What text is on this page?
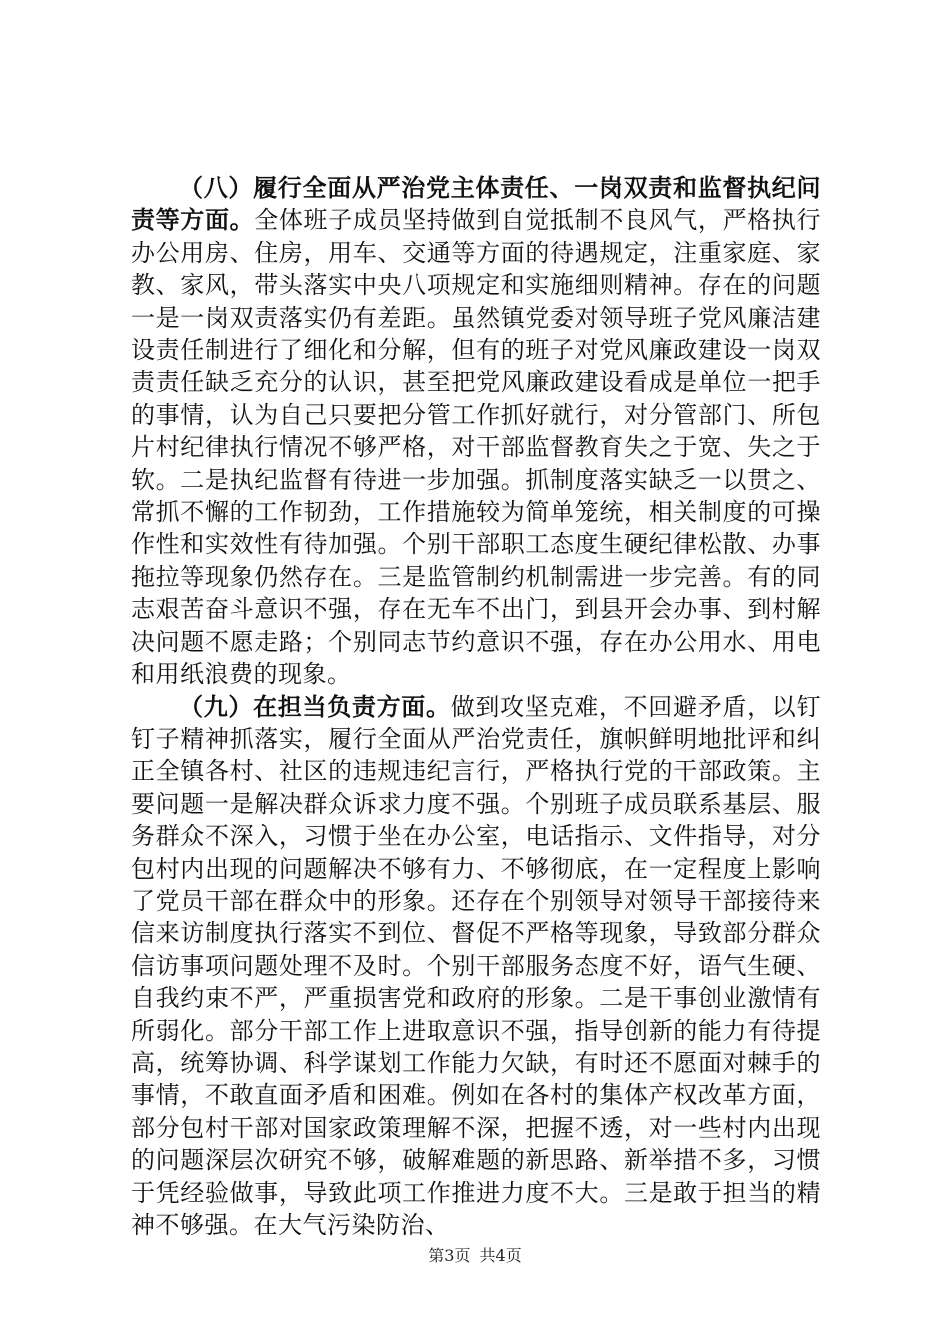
（八）履行全面从严治党主体责任、一岗双责和监督执纪问责等方面。全体班子成员坚持做到自觉抵制不良风气，严格执行办公用房、住房，用车、交通等方面的待遇规定，注重家庭、家教、家风，带头落实中央八项规定和实施细则精神。存在的问题一是一岗双责落实仍有差距。虽然镇党委对领导班子党风廉洁建设责任制进行了细化和分解，但有的班子对党风廉政建设一岗双责责任缺乏充分的认识，甚至把党风廉政建设看成是单位一把手的事情，认为自己只要把分管工作抓好就行，对分管部门、所包片村纪律执行情况不够严格，对干部监督教育失之于宽、失之于软。二是执纪监督有待进一步加强。抓制度落实缺乏一以贯之、常抓不懈的工作韧劲，工作措施较为简单笼统，相关制度的可操作性和实效性有待加强。个别干部职工态度生硬纪律松散、办事拖拉等现象仍然存在。三是监管制约机制需进一步完善。有的同志艰苦奋斗意识不强，存在无车不出门，到县开会办事、到村解决问题不愿走路；个别同志节约意识不强，存在办公用水、用电和用纸浪费的现象。

（九）在担当负责方面。做到攻坚克难，不回避矛盾，以钉钉子精神抓落实，履行全面从严治党责任，旗帜鲜明地批评和纠正全镇各村、社区的违规违纪言行，严格执行党的干部政策。主要问题一是解决群众诉求力度不强。个别班子成员联系基层、服务群众不深入，习惯于坐在办公室，电话指示、文件指导，对分包村内出现的问题解决不够有力、不够彻底，在一定程度上影响了党员干部在群众中的形象。还存在个别领导对领导干部接待来信来访制度执行落实不到位、督促不严格等现象，导致部分群众信访事项问题处理不及时。个别干部服务态度不好，语气生硬、自我约束不严，严重损害党和政府的形象。二是干事创业激情有所弱化。部分干部工作上进取意识不强，指导创新的能力有待提高，统筹协调、科学谋划工作能力欠缺，有时还不愿面对棘手的事情，不敢直面矛盾和困难。例如在各村的集体产权改革方面，部分包村干部对国家政策理解不深，把握不透，对一些村内出现的问题深层次研究不够，破解难题的新思路、新举措不多，习惯于凭经验做事，导致此项工作推进力度不大。三是敢于担当的精神不够强。在大气污染防治、

第3页 共4页
